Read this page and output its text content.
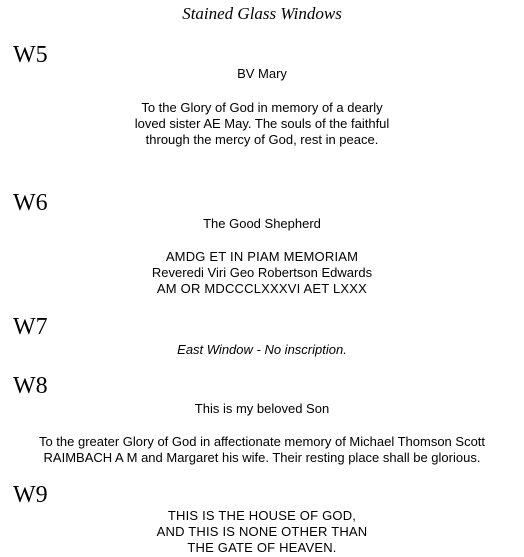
Stained Glass Windows
W5
BV Mary
To the Glory of God in memory of a dearly
loved sister AE May. The souls of the faithful
through the mercy of God, rest in peace.
W6
The Good Shepherd
AMDG ET IN PIAM MEMORIAM
Reveredi Viri Geo Robertson Edwards
AM OR MDCCCLXXXVI AET LXXX
W7
East Window - No inscription.
W8
This is my beloved Son
To the greater Glory of God in affectionate memory of Michael Thomson Scott
RAIMBACH A M and Margaret his wife. Their resting place shall be glorious.
W9
THIS IS THE HOUSE OF GOD,
AND THIS IS NONE OTHER THAN
THE GATE OF HEAVEN.
